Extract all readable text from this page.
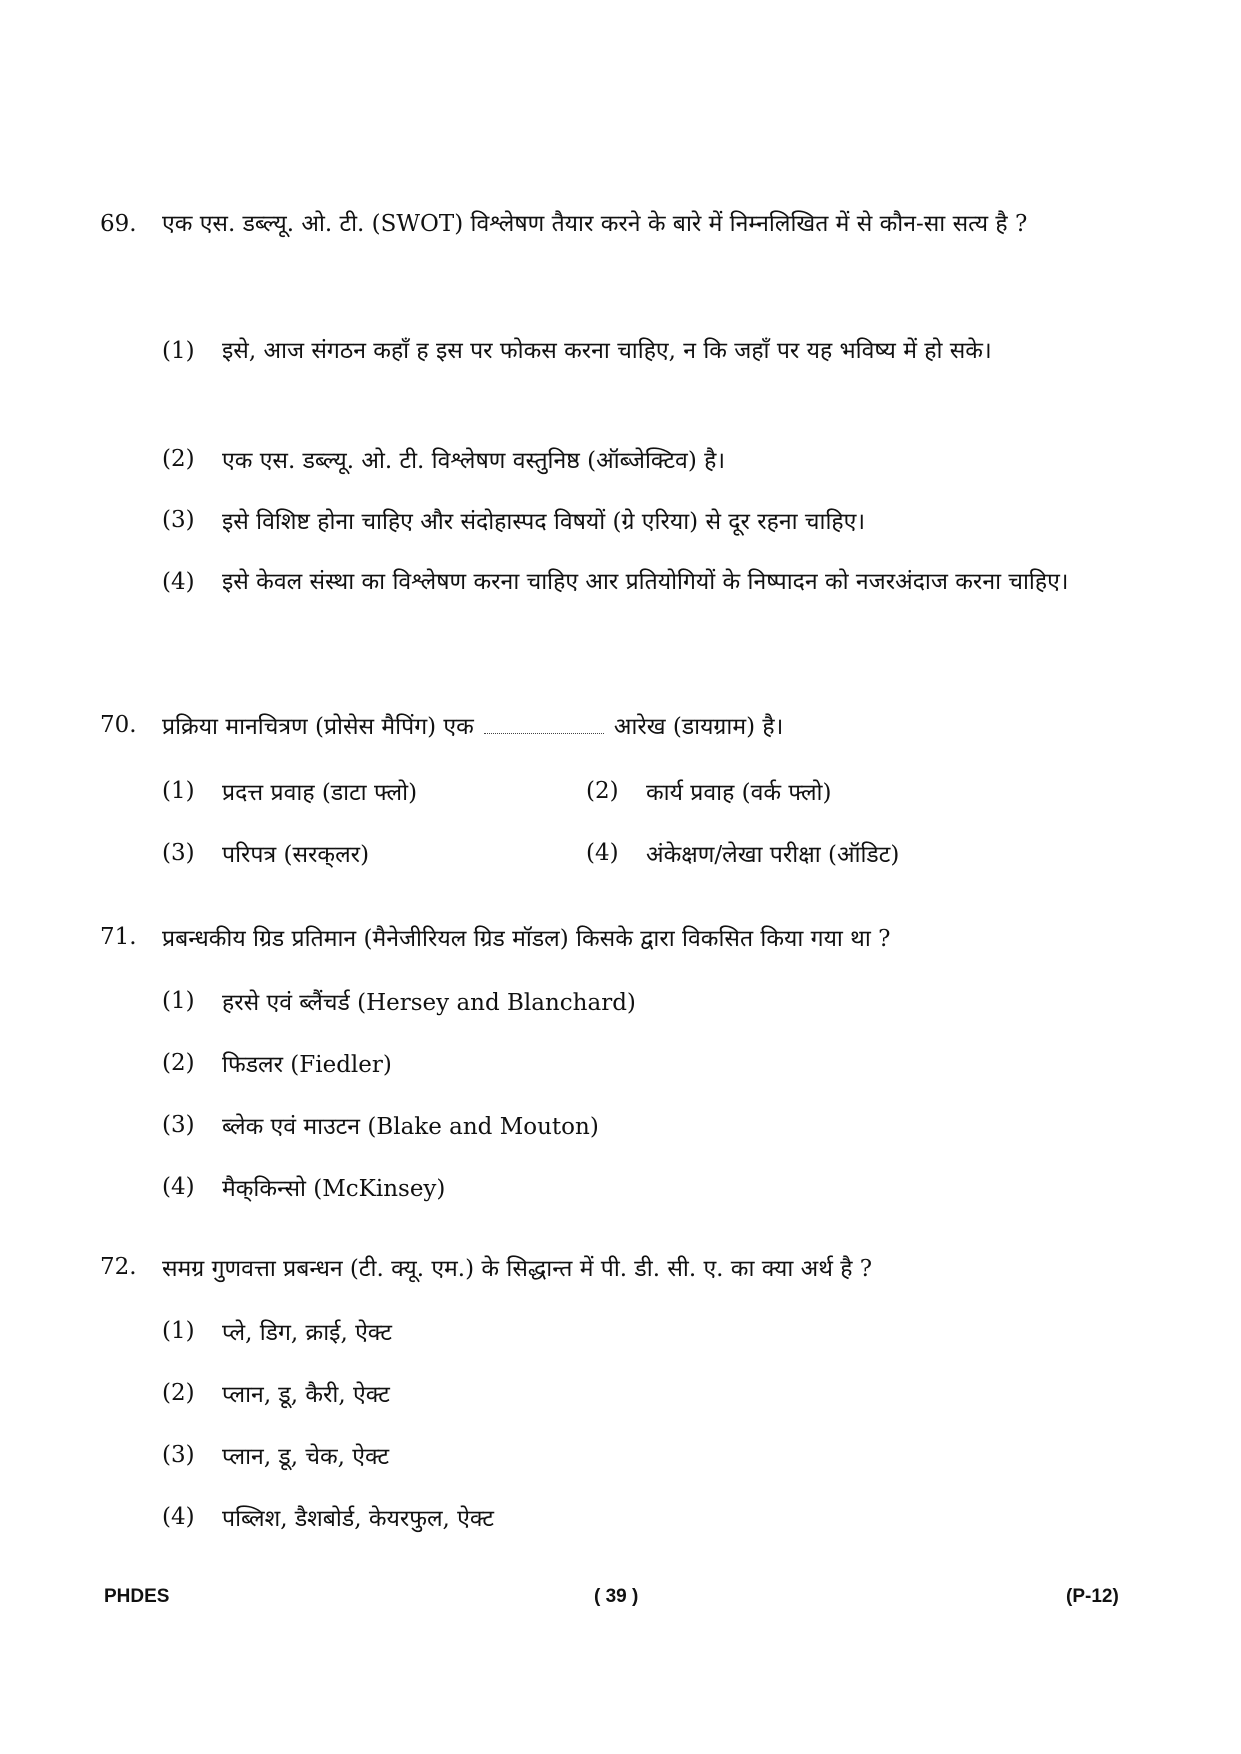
69. एक एस. डब्ल्यू. ओ. टी. (SWOT) विश्लेषण तैयार करने के बारे में निम्नलिखित में से कौन-सा सत्य है ?
(1) इसे, आज संगठन कहाँ ह इस पर फोकस करना चाहिए, न कि जहाँ पर यह भविष्य में हो सके।
(2) एक एस. डब्ल्यू. ओ. टी. विश्लेषण वस्तुनिष्ठ (ऑब्जेक्टिव) है।
(3) इसे विशिष्ट होना चाहिए और संदोहास्पद विषयों (ग्रे एरिया) से दूर रहना चाहिए।
(4) इसे केवल संस्था का विश्लेषण करना चाहिए आर प्रतियोगियों के निष्पादन को नजरअंदाज करना चाहिए।
70. प्रक्रिया मानचित्रण (प्रोसेस मैपिंग) एक	आरेख (डायग्राम) है।
(1) प्रदत्त प्रवाह (डाटा फ्लो)	(2) कार्य प्रवाह (वर्क फ्लो)
(3) परिपत्र (सरक्‌लर)	(4) अंकेक्षण/लेखा परीक्षा (ऑडिट)
71. प्रबन्धकीय ग्रिड प्रतिमान (मैनेजीरियल ग्रिड मॉडल) किसके द्वारा विकसित किया गया था ?
(1) हरसे एवं ब्लैंचर्ड (Hersey and Blanchard)
(2) फिडलर (Fiedler)
(3) ब्लेक एवं माउटन (Blake and Mouton)
(4) मैक्‌किन्सो (McKinsey)
72. समग्र गुणवत्ता प्रबन्धन (टी. क्यू. एम.) के सिद्धान्त में पी. डी. सी. ए. का क्या अर्थ है ?
(1) प्ले, डिग, क्राई, ऐक्ट
(2) प्लान, डू, कैरी, ऐक्ट
(3) प्लान, डू, चेक, ऐक्ट
(4) पब्लिश, डैशबोर्ड, केयरफुल, ऐक्ट
PHDES	( 39 )	(P-12)
